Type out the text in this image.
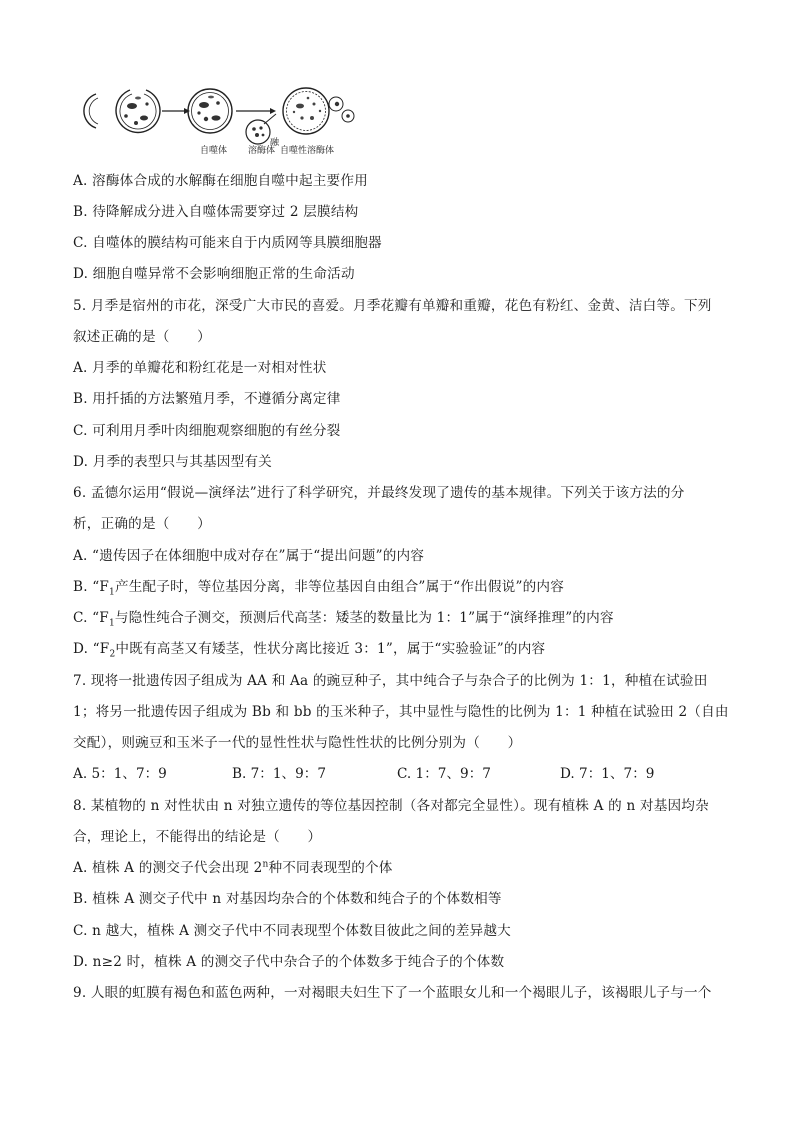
自噬体 溶酶体 自噬性溶酶体
融
A. 溶酶体合成的水解酶在细胞自噬中起主要作用
B. 待降解成分进入自噬体需要穿过 2 层膜结构
C. 自噬体的膜结构可能来自于内质网等具膜细胞器
D. 细胞自噬异常不会影响细胞正常的生命活动
5. 月季是宿州的市花，深受广大市民的喜爱。月季花瓣有单瓣和重瓣，花色有粉红、金黄、洁白等。下列
叙述正确的是（　　）
A. 月季的单瓣花和粉红花是一对相对性状
B. 用扦插的方法繁殖月季，不遵循分离定律
C. 可利用月季叶肉细胞观察细胞的有丝分裂
D. 月季的表型只与其基因型有关
6. 孟德尔运用“假说—演绎法”进行了科学研究，并最终发现了遗传的基本规律。下列关于该方法的分
析，正确的是（　　）
A. “遗传因子在体细胞中成对存在”属于“提出问题”的内容
B. “$F_1$产生配子时，等位基因分离，非等位基因自由组合”属于“作出假说”的内容
C. “$F_1$与隐性纯合子测交，预测后代高茎：矮茎的数量比为 1：1”属于“演绎推理”的内容
D. “$F_2$中既有高茎又有矮茎，性状分离比接近 3：1”，属于“实验验证”的内容
7. 现将一批遗传因子组成为 AA 和 Aa 的豌豆种子，其中纯合子与杂合子的比例为 1：1，种植在试验田
1；将另一批遗传因子组成为 Bb 和 bb 的玉米种子，其中显性与隐性的比例为 1：1 种植在试验田 2（自由
交配），则豌豆和玉米子一代的显性性状与隐性性状的比例分别为（　　）
A. 5：1、7：9	B. 7：1、9：7	C. 1：7、9：7	D. 7：1、7：9
8. 某植物的 n 对性状由 n 对独立遗传的等位基因控制（各对都完全显性）。现有植株 A 的 n 对基因均杂
合，理论上，不能得出的结论是（　　）
A. 植株 A 的测交子代会出现 2$^n$种不同表现型的个体
B. 植株 A 测交子代中 n 对基因均杂合的个体数和纯合子的个体数相等
C. n 越大，植株 A 测交子代中不同表现型个体数目彼此之间的差异越大
D. n≥2 时，植株 A 的测交子代中杂合子的个体数多于纯合子的个体数
9. 人眼的虹膜有褐色和蓝色两种，一对褐眼夫妇生下了一个蓝眼女儿和一个褐眼儿子，该褐眼儿子与一个
